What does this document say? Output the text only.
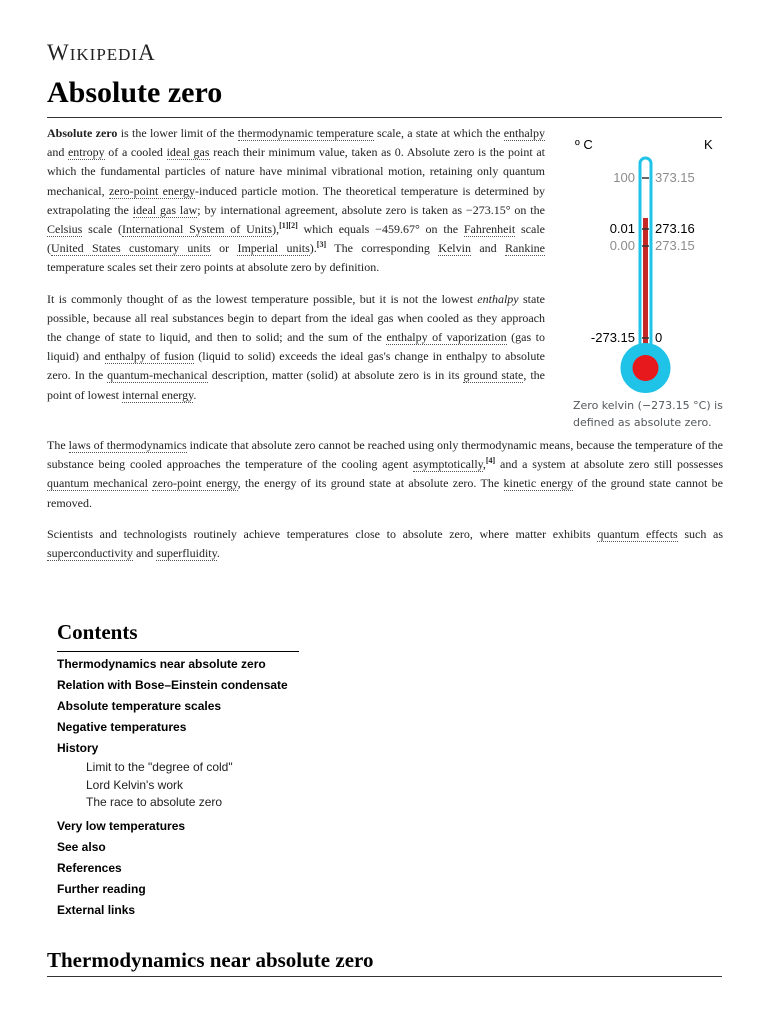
WIKIPEDIA
Absolute zero

Absolute zero is the lower limit of the thermodynamic temperature scale, a state at which the enthalpy and entropy of a cooled ideal gas reach their minimum value, taken as 0. Absolute zero is the point at which the fundamental particles of nature have minimal vibrational motion, retaining only quantum mechanical, zero-point energy-induced particle motion. The theoretical temperature is determined by extrapolating the ideal gas law; by international agreement, absolute zero is taken as −273.15° on the Celsius scale (International System of Units),[1][2] which equals −459.67° on the Fahrenheit scale (United States customary units or Imperial units).[3] The corresponding Kelvin and Rankine temperature scales set their zero points at absolute zero by definition.

It is commonly thought of as the lowest temperature possible, but it is not the lowest enthalpy state possible, because all real substances begin to depart from the ideal gas when cooled as they approach the change of state to liquid, and then to solid; and the sum of the enthalpy of vaporization (gas to liquid) and enthalpy of fusion (liquid to solid) exceeds the ideal gas's change in enthalpy to absolute zero. In the quantum-mechanical description, matter (solid) at absolute zero is in its ground state, the point of lowest internal energy.

º C	K
100 373.15
0.01 273.16
0.00 273.15
-273.15 0
Zero kelvin (−273.15 °C) is defined as absolute zero.

The laws of thermodynamics indicate that absolute zero cannot be reached using only thermodynamic means, because the temperature of the substance being cooled approaches the temperature of the cooling agent asymptotically,[4] and a system at absolute zero still possesses quantum mechanical zero-point energy, the energy of its ground state at absolute zero. The kinetic energy of the ground state cannot be removed.

Scientists and technologists routinely achieve temperatures close to absolute zero, where matter exhibits quantum effects such as superconductivity and superfluidity.

Contents
Thermodynamics near absolute zero
Relation with Bose–Einstein condensate
Absolute temperature scales
Negative temperatures
History
Limit to the "degree of cold"
Lord Kelvin's work
The race to absolute zero
Very low temperatures
See also
References
Further reading
External links
Thermodynamics near absolute zero
